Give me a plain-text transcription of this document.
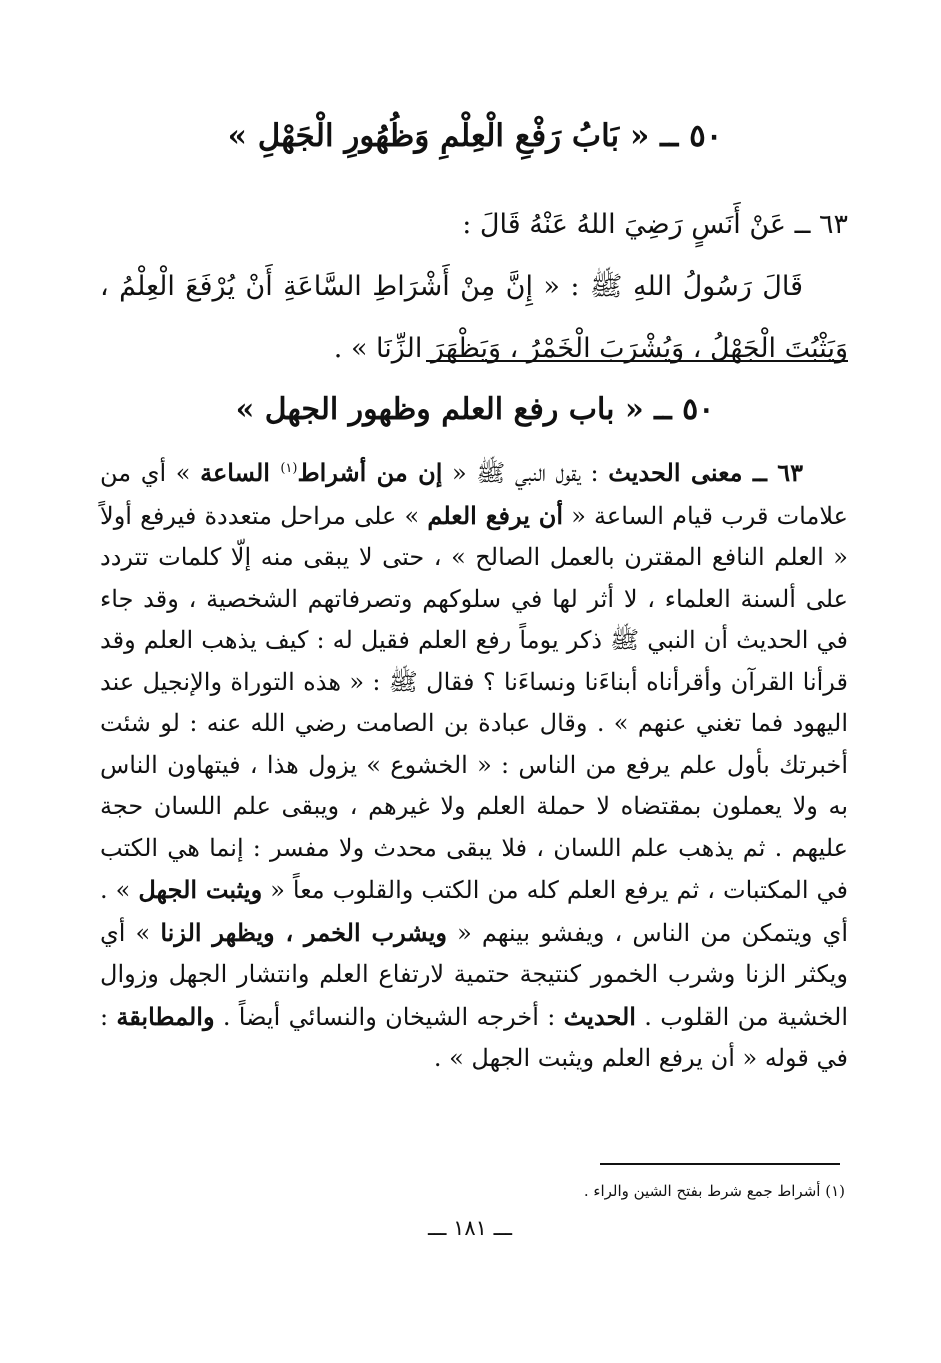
٥٠ ــ « بَابُ رَفْعِ الْعِلْمِ وَظُهُورِ الْجَهْلِ »
٦٣ ــ عَنْ أَنَسٍ رَضِيَ اللهُ عَنْهُ قَالَ :
قَالَ رَسُولُ اللهِ ﷺ : « إِنَّ مِنْ أَشْرَاطِ السَّاعَةِ أَنْ يُرْفَعَ الْعِلْمُ ، وَيَثْبُتَ الْجَهْلُ ، وَيُشْرَبَ الْخَمْرُ ، وَيَظْهَرَ الزِّنَا » .
٥٠ ــ « باب رفع العلم وظهور الجهل »
٦٣ ــ معنى الحديث : يقول النبي ﷺ « إن من أشراط$^{(١)}$ الساعة » أي من علامات قرب قيام الساعة « أن يرفع العلم » على مراحل متعددة فيرفع أولاً « العلم النافع المقترن بالعمل الصالح » ، حتى لا يبقى منه إلّا كلمات تتردد على ألسنة العلماء ، لا أثر لها في سلوكهم وتصرفاتهم الشخصية ، وقد جاء في الحديث أن النبي ﷺ ذكر يوماً رفع العلم فقيل له : كيف يذهب العلم وقد قرأنا القرآن وأقرأناه أبناءَنا ونساءَنا ؟ فقال ﷺ : « هذه التوراة والإنجيل عند اليهود فما تغني عنهم » . وقال عبادة بن الصامت رضي الله عنه : لو شئت أخبرتك بأول علم يرفع من الناس : « الخشوع » يزول هذا ، فيتهاون الناس به ولا يعملون بمقتضاه لا حملة العلم ولا غيرهم ، ويبقى علم اللسان حجة عليهم . ثم يذهب علم اللسان ، فلا يبقى محدث ولا مفسر : إنما هي الكتب في المكتبات ، ثم يرفع العلم كله من الكتب والقلوب معاً « ويثبت الجهل » . أي ويتمكن من الناس ، ويفشو بينهم « ويشرب الخمر ، ويظهر الزنا » أي ويكثر الزنا وشرب الخمور كنتيجة حتمية لارتفاع العلم وانتشار الجهل وزوال الخشية من القلوب . الحديث : أخرجه الشيخان والنسائي أيضاً . والمطابقة : في قوله « أن يرفع العلم ويثبت الجهل » .
(١) أشراط جمع شرط بفتح الشين والراء .
ـــ ١٨١ ـــ
